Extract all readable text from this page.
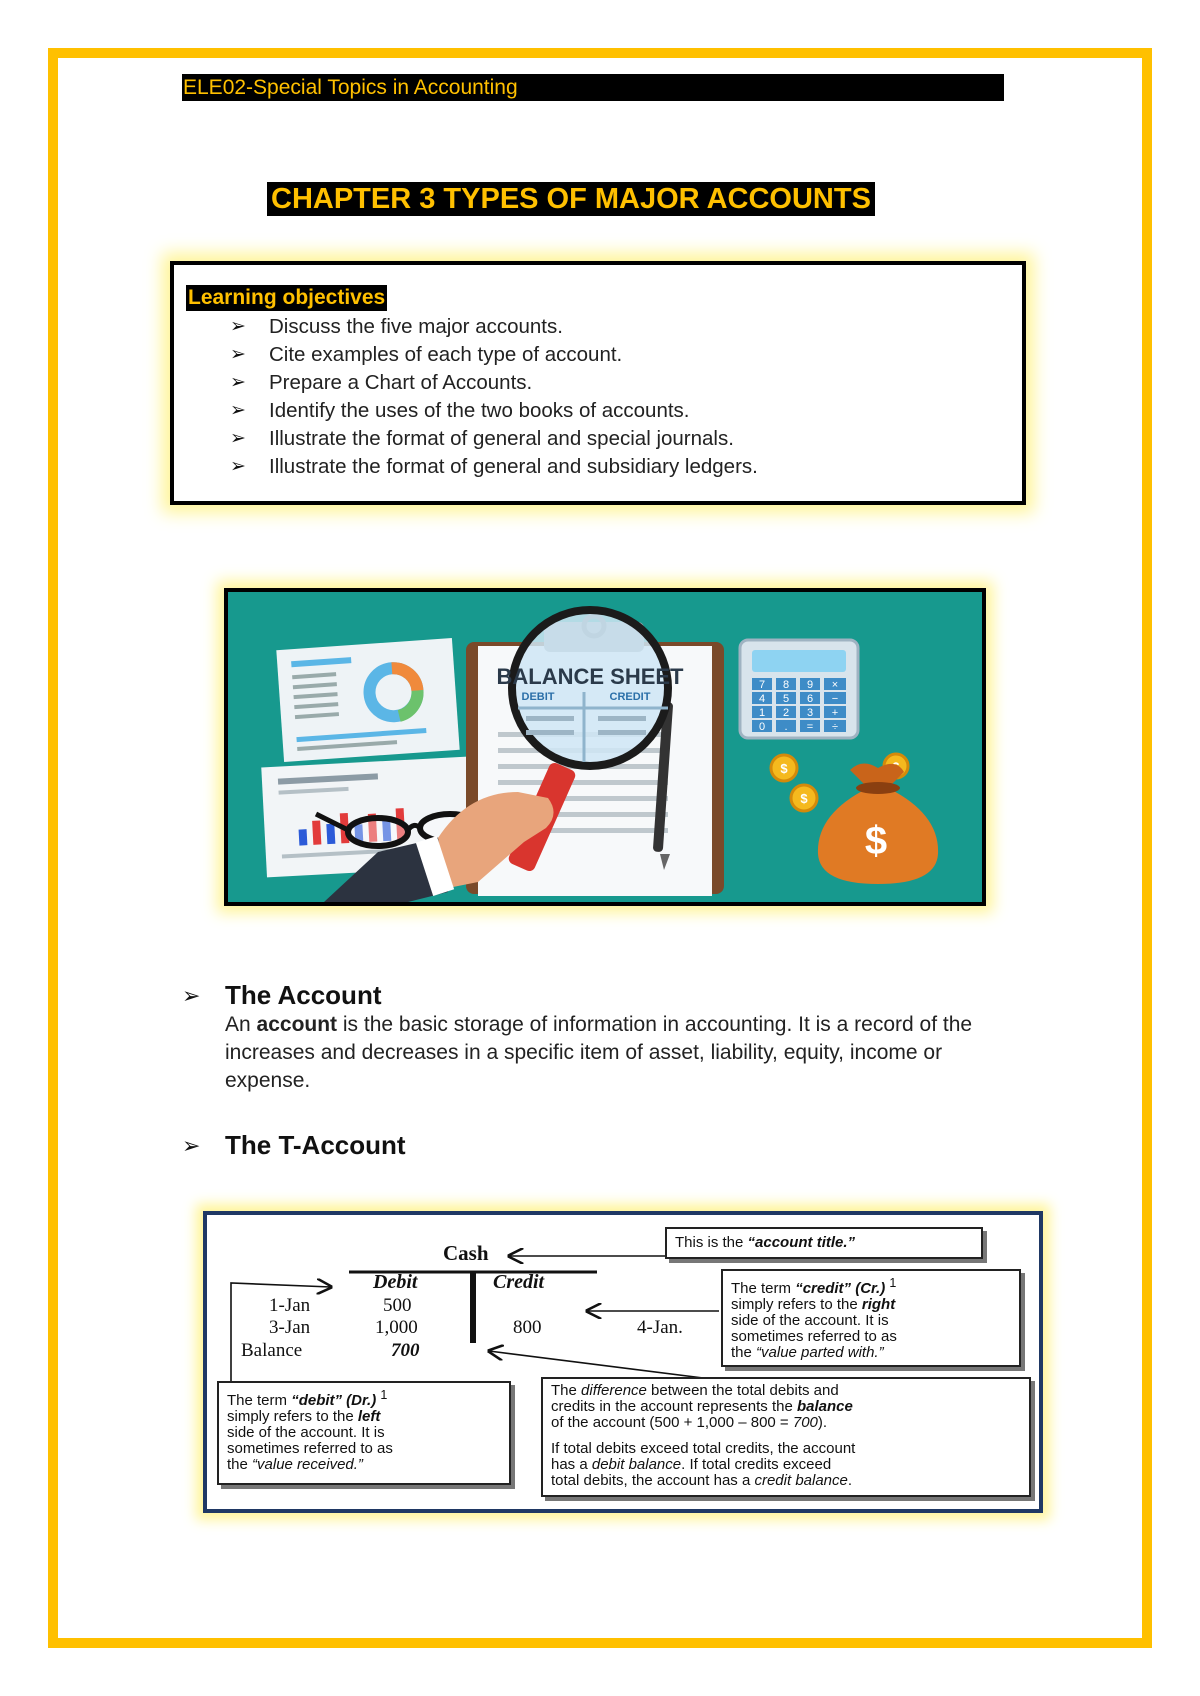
ELE02-Special Topics in Accounting
CHAPTER 3 TYPES OF MAJOR ACCOUNTS
Learning objectives
➢	Discuss the five major accounts.
➢	Cite examples of each type of account.
➢	Prepare a Chart of Accounts.
➢	Identify the uses of the two books of accounts.
➢	Illustrate the format of general and special journals.
➢	Illustrate the format of general and subsidiary ledgers.
BALANCE SHEET
DEBIT	CREDIT
7 8 9 ×
4 5 6 −
1 2 3 +
0 . = ÷
$
$
$
➢ The Account
An account is the basic storage of information in accounting. It is a record of the increases and decreases in a specific item of asset, liability, equity, income or expense.
➢ The T-Account
Cash
Debit	Credit
1-Jan	500
3-Jan	1,000	800	4-Jan.
Balance	700
This is the “account title.”
The term “credit” (Cr.) $^1$
simply refers to the right
side of the account. It is
sometimes referred to as
the “value parted with.”
The term “debit” (Dr.) $^1$
simply refers to the left
side of the account. It is
sometimes referred to as
the “value received.”
The difference between the total debits and
credits in the account represents the balance
of the account (500 + 1,000 – 800 = 700).
If total debits exceed total credits, the account
has a debit balance. If total credits exceed
total debits, the account has a credit balance.
